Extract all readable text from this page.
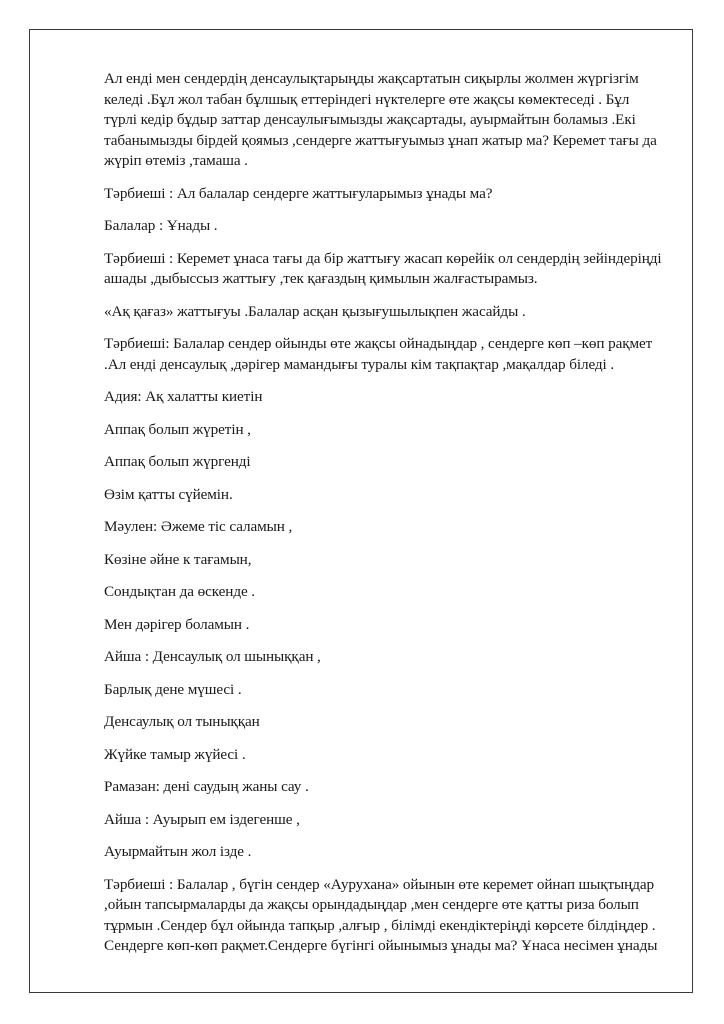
Ал енді мен сендердің денсаулықтарыңды жақсартатын сиқырлы жолмен жүргізгім келеді .Бұл жол табан бұлшық еттеріндегі нүктелерге өте жақсы көмектеседі . Бұл түрлі кедір бұдыр заттар денсаулығымызды жақсартады, ауырмайтын боламыз .Екі табанымызды бірдей қоямыз ,сендерге жаттығуымыз ұнап жатыр ма? Керемет тағы да жүріп өтеміз ,тамаша .

Тәрбиеші : Ал балалар сендерге жаттығуларымыз ұнады ма?

Балалар : Ұнады .

Тәрбиеші : Керемет ұнаса тағы да бір жаттығу жасап көрейік ол сендердің зейіндеріңді ашады ,дыбыссыз жаттығу ,тек қағаздың қимылын жалғастырамыз.

«Ақ қағаз» жаттығуы .Балалар асқан қызығушылықпен жасайды .

Тәрбиеші: Балалар сендер ойынды өте жақсы ойнадыңдар , сендерге көп –көп рақмет .Ал енді денсаулық ,дәрігер мамандығы туралы кім тақпақтар ,мақалдар біледі .

Адия: Ақ халатты киетін

Аппақ болып жүретін ,

Аппақ болып жүргенді

Өзім қатты сүйемін.

Мәулен: Әжеме тіс саламын ,

Көзіне әйне к тағамын,

Сондықтан да өскенде .

Мен дәрігер боламын .

Айша : Денсаулық ол шыныққан ,

Барлық дене мүшесі .

Денсаулық ол тыныққан

Жүйке тамыр жүйесі .

Рамазан: дені саудың жаны сау .

Айша : Ауырып ем іздегенше ,

Ауырмайтын жол ізде .

Тәрбиеші : Балалар , бүгін сендер «Аурухана» ойынын өте керемет ойнап шықтыңдар ,ойын тапсырмаларды да жақсы орындадыңдар ,мен сендерге өте қатты риза болып тұрмын .Сендер бұл ойында тапқыр ,алғыр , білімді екендіктеріңді көрсете білдіңдер . Сендерге көп-көп рақмет.Сендерге бүгінгі ойынымыз ұнады ма? Ұнаса несімен ұнады
